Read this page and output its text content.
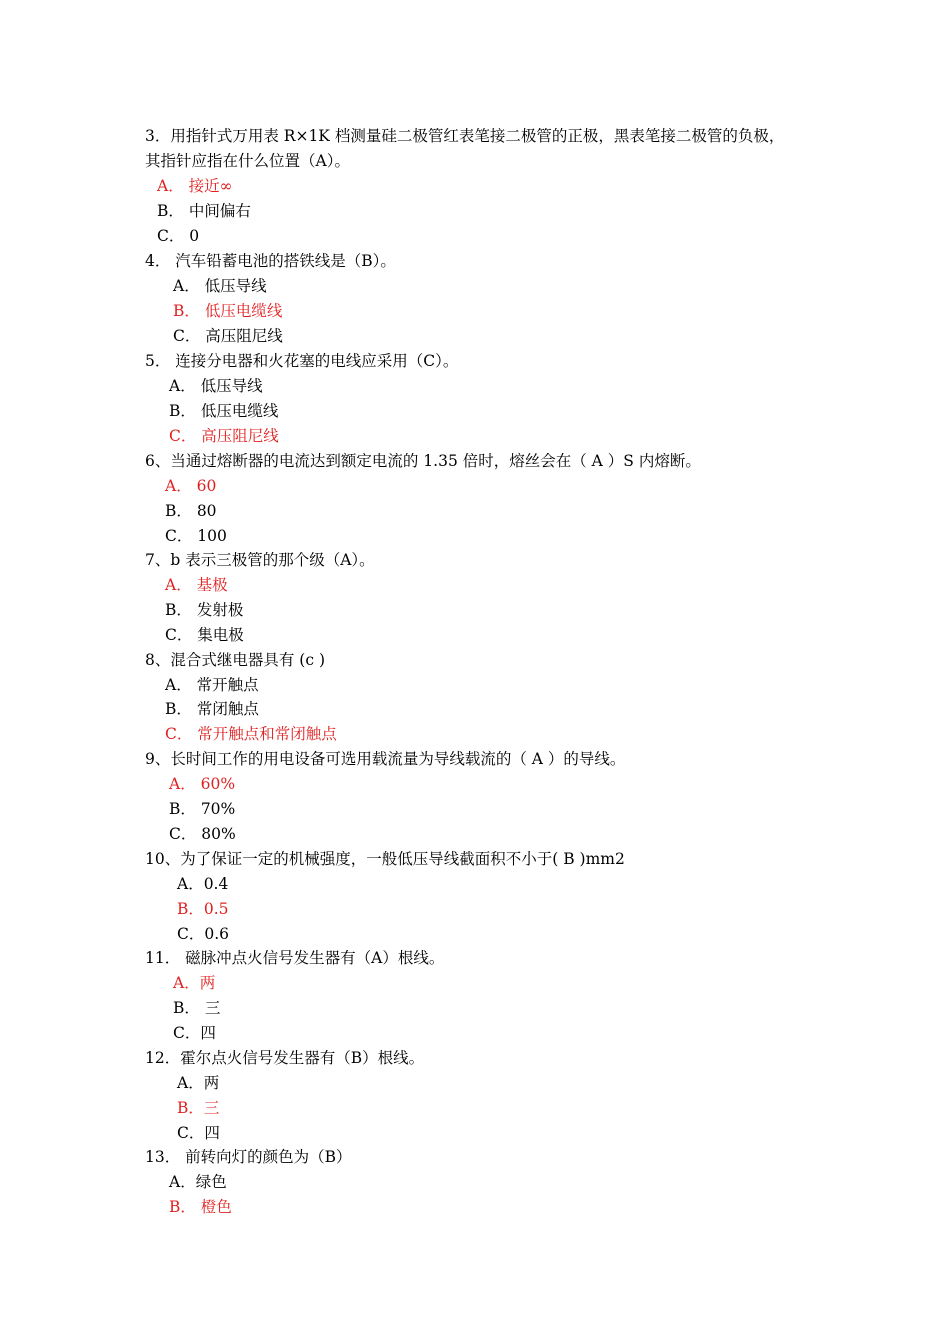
3．用指针式万用表 R×1K 档测量硅二极管红表笔接二极管的正极，黑表笔接二极管的负极，
其指针应指在什么位置（A）。
A． 接近∞
B． 中间偏右
C． 0
4． 汽车铅蓄电池的搭铁线是（B）。
A． 低压导线
B． 低压电缆线
C． 高压阻尼线
5． 连接分电器和火花塞的电线应采用（C）。
A． 低压导线
B． 低压电缆线
C． 高压阻尼线
6、当通过熔断器的电流达到额定电流的 1.35 倍时，熔丝会在（ A ）S 内熔断。
A． 60
B． 80
C． 100
7、b 表示三极管的那个级（A）。
A． 基极
B． 发射极
C． 集电极
8、混合式继电器具有 (c )
A． 常开触点
B． 常闭触点
C． 常开触点和常闭触点
9、长时间工作的用电设备可选用载流量为导线载流的（ A ）的导线。
A． 60%
B． 70%
C． 80%
10、为了保证一定的机械强度，一般低压导线截面积不小于( B )mm2
A．0.4
B．0.5
C．0.6
11． 磁脉冲点火信号发生器有（A）根线。
A．两
B． 三
C．四
12．霍尔点火信号发生器有（B）根线。
A．两
B．三
C．四
13． 前转向灯的颜色为（B）
A．绿色
B． 橙色
